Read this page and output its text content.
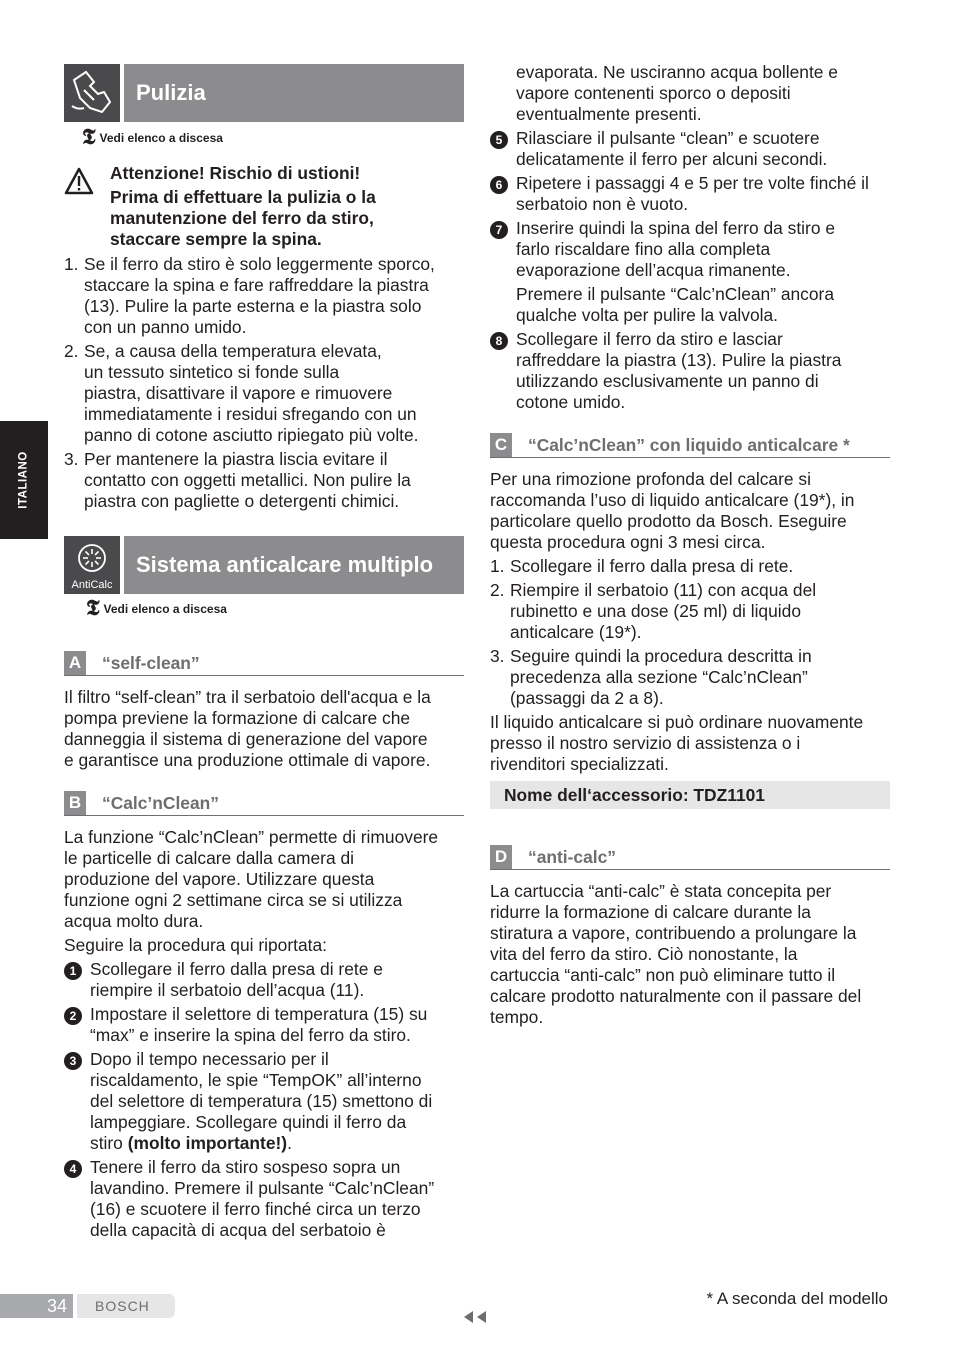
ITALIANO
Pulizia
𝕿 Vedi elenco a discesa
Attenzione! Rischio di ustioni!
Prima di effettuare la pulizia o la
manutenzione del ferro da stiro,
staccare sempre la spina.
1. Se il ferro da stiro è solo leggermente sporco,
staccare la spina e fare raffreddare la piastra
(13). Pulire la parte esterna e la piastra solo
con un panno umido.
2. Se, a causa della temperatura elevata,
un tessuto sintetico si fonde sulla
piastra, disattivare il vapore e rimuovere
immediatamente i residui sfregando con un
panno di cotone asciutto ripiegato più volte.
3. Per mantenere la piastra liscia evitare il
contatto con oggetti metallici. Non pulire la
piastra con pagliette o detergenti chimici.
AntiCalc
Sistema anticalcare multiplo
𝕿 Vedi elenco a discesa
A “self-clean”
Il filtro “self-clean” tra il serbatoio dell'acqua e la
pompa previene la formazione di calcare che
danneggia il sistema di generazione del vapore
e garantisce una produzione ottimale di vapore.
B “Calc’nClean”
La funzione “Calc’nClean” permette di rimuovere
le particelle di calcare dalla camera di
produzione del vapore. Utilizzare questa
funzione ogni 2 settimane circa se si utilizza
acqua molto dura.
Seguire la procedura qui riportata:
1 Scollegare il ferro dalla presa di rete e
riempire il serbatoio dell’acqua (11).
2 Impostare il selettore di temperatura (15) su
“max” e inserire la spina del ferro da stiro.
3 Dopo il tempo necessario per il
riscaldamento, le spie “TempOK” all’interno
del selettore di temperatura (15) smettono di
lampeggiare. Scollegare quindi il ferro da
stiro (molto importante!).
4 Tenere il ferro da stiro sospeso sopra un
lavandino. Premere il pulsante “Calc’nClean”
(16) e scuotere il ferro finché circa un terzo
della capacità di acqua del serbatoio è
evaporata. Ne usciranno acqua bollente e
vapore contenenti sporco o depositi
eventualmente presenti.
5 Rilasciare il pulsante “clean” e scuotere
delicatamente il ferro per alcuni secondi.
6 Ripetere i passaggi 4 e 5 per tre volte finché il
serbatoio non è vuoto.
7 Inserire quindi la spina del ferro da stiro e
farlo riscaldare fino alla completa
evaporazione dell’acqua rimanente.
Premere il pulsante “Calc’nClean” ancora
qualche volta per pulire la valvola.
8 Scollegare il ferro da stiro e lasciar
raffreddare la piastra (13). Pulire la piastra
utilizzando esclusivamente un panno di
cotone umido.
C “Calc’nClean” con liquido anticalcare *
Per una rimozione profonda del calcare si
raccomanda l’uso di liquido anticalcare (19*), in
particolare quello prodotto da Bosch. Eseguire
questa procedura ogni 3 mesi circa.
1. Scollegare il ferro dalla presa di rete.
2. Riempire il serbatoio (11) con acqua del
rubinetto e una dose (25 ml) di liquido
anticalcare (19*).
3. Seguire quindi la procedura descritta in
precedenza alla sezione “Calc’nClean”
(passaggi da 2 a 8).
Il liquido anticalcare si può ordinare nuovamente
presso il nostro servizio di assistenza o i
rivenditori specializzati.
Nome dell‘accessorio: TDZ1101
D “anti-calc”
La cartuccia “anti-calc” è stata concepita per
ridurre la formazione di calcare durante la
stiratura a vapore, contribuendo a prolungare la
vita del ferro da stiro. Ciò nonostante, la
cartuccia “anti-calc” non può eliminare tutto il
calcare prodotto naturalmente con il passare del
tempo.
34	BOSCH	* A seconda del modello
